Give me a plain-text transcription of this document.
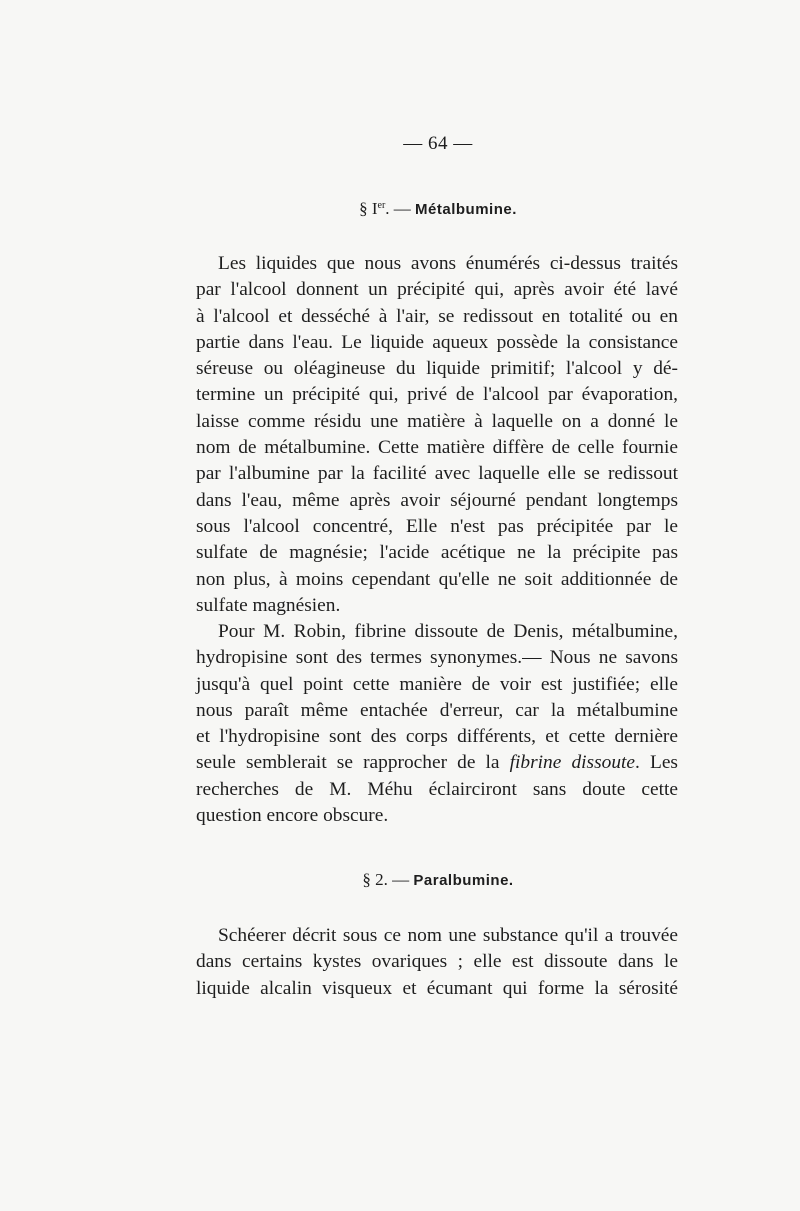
— 64 —
§ Ier. — Métalbumine.
Les liquides que nous avons énumérés ci-dessus traités
par l'alcool donnent un précipité qui, après avoir été lavé
à l'alcool et desséché à l'air, se redissout en totalité ou en
partie dans l'eau. Le liquide aqueux possède la consistance
séreuse ou oléagineuse du liquide primitif; l'alcool y dé-
termine un précipité qui, privé de l'alcool par évaporation,
laisse comme résidu une matière à laquelle on a donné le
nom de métalbumine. Cette matière diffère de celle fournie
par l'albumine par la facilité avec laquelle elle se redissout
dans l'eau, même après avoir séjourné pendant longtemps
sous l'alcool concentré, Elle n'est pas précipitée par le
sulfate de magnésie; l'acide acétique ne la précipite pas
non plus, à moins cependant qu'elle ne soit additionnée de
sulfate magnésien.
Pour M. Robin, fibrine dissoute de Denis, métalbumine,
hydropisine sont des termes synonymes.— Nous ne savons
jusqu'à quel point cette manière de voir est justifiée; elle
nous paraît même entachée d'erreur, car la métalbumine
et l'hydropisine sont des corps différents, et cette dernière
seule semblerait se rapprocher de la fibrine dissoute. Les
recherches de M. Méhu éclairciront sans doute cette
question encore obscure.
§ 2. — Paralbumine.
Schéerer décrit sous ce nom une substance qu'il a trouvée
dans certains kystes ovariques ; elle est dissoute dans le
liquide alcalin visqueux et écumant qui forme la sérosité
